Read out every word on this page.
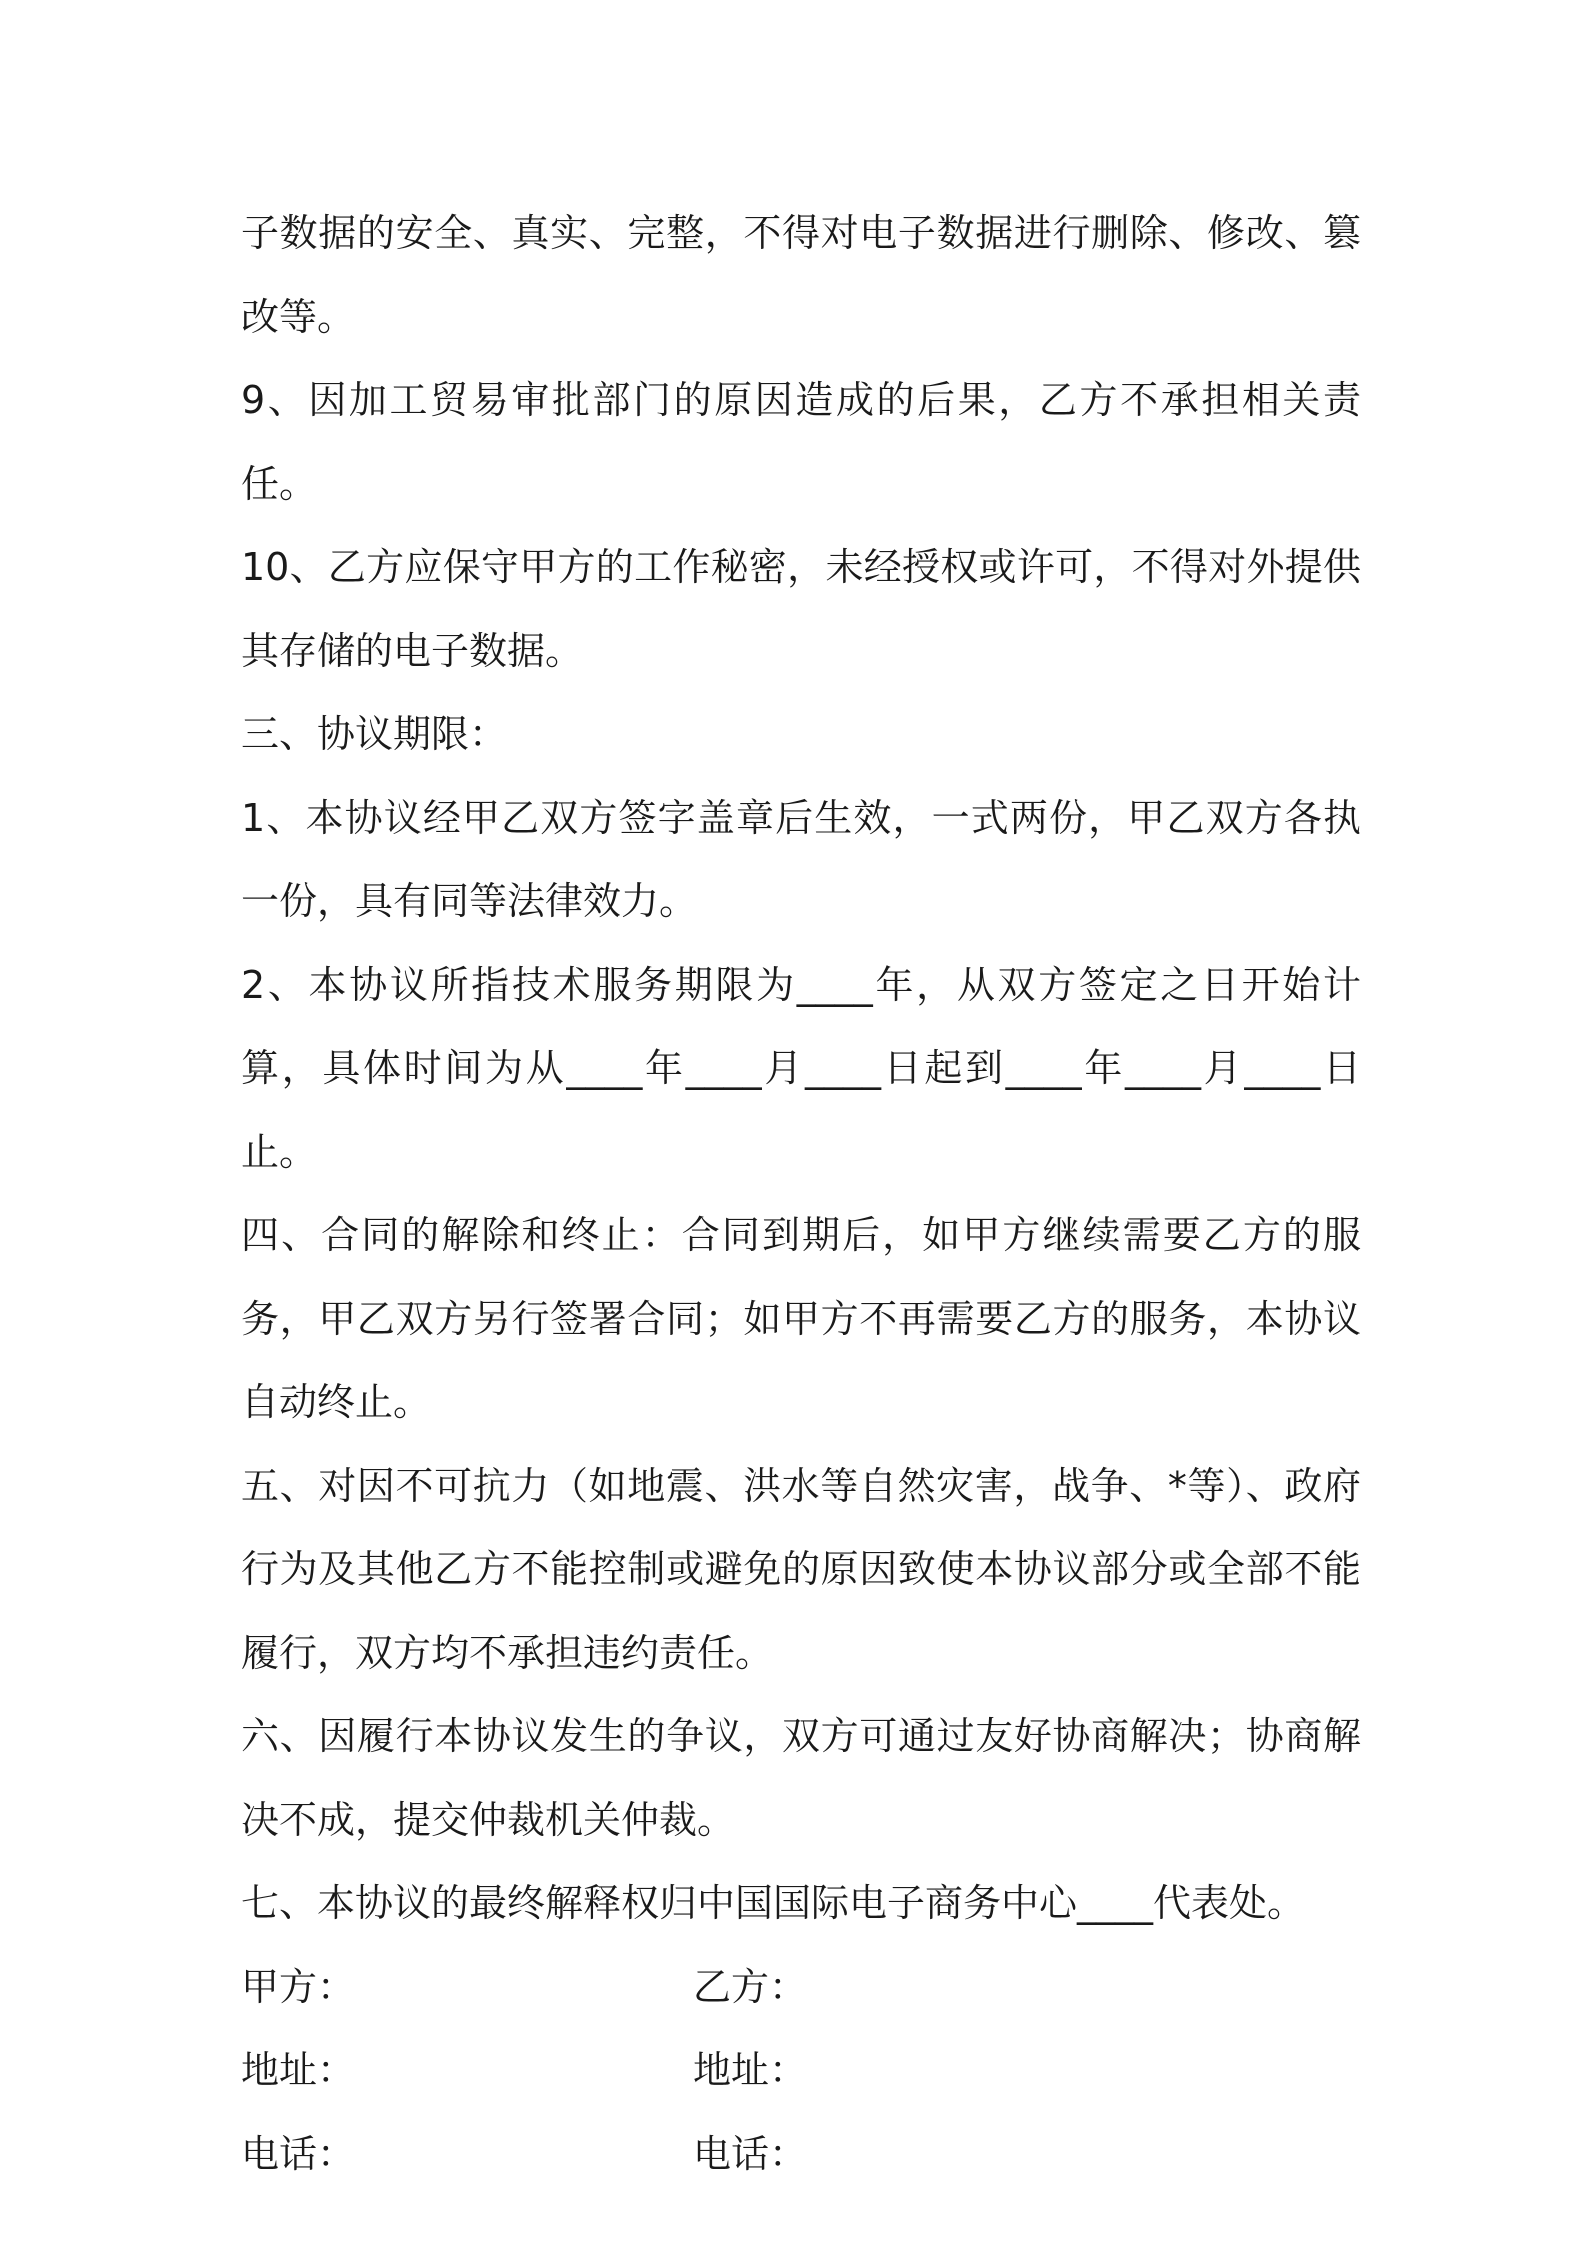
子数据的安全、真实、完整，不得对电子数据进行删除、修改、篡改等。

9、因加工贸易审批部门的原因造成的后果，乙方不承担相关责任。

10、乙方应保守甲方的工作秘密，未经授权或许可，不得对外提供其存储的电子数据。

三、协议期限：

1、本协议经甲乙双方签字盖章后生效，一式两份，甲乙双方各执一份，具有同等法律效力。

2、本协议所指技术服务期限为____年，从双方签定之日开始计算，具体时间为从____年____月____日起到____年____月____日止。

四、合同的解除和终止：合同到期后，如甲方继续需要乙方的服务，甲乙双方另行签署合同；如甲方不再需要乙方的服务，本协议自动终止。

五、对因不可抗力（如地震、洪水等自然灾害，战争、*等）、政府行为及其他乙方不能控制或避免的原因致使本协议部分或全部不能履行，双方均不承担违约责任。

六、因履行本协议发生的争议，双方可通过友好协商解决；协商解决不成，提交仲裁机关仲裁。

七、本协议的最终解释权归中国国际电子商务中心____代表处。

甲方：	乙方：
地址：	地址：
电话：	电话：
